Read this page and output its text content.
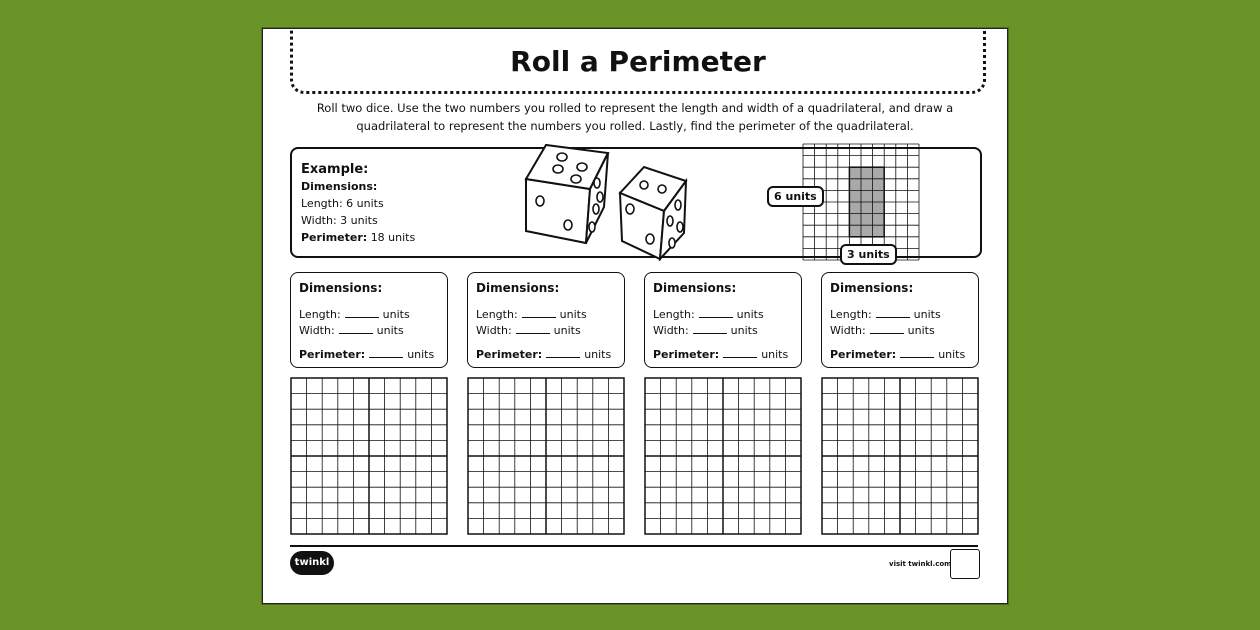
Roll a Perimeter
Roll two dice. Use the two numbers you rolled to represent the length and width of a quadrilateral, and draw a
quadrilateral to represent the numbers you rolled. Lastly, find the perimeter of the quadrilateral.
Example:
Dimensions:
Length: 6 units
Width: 3 units
Perimeter: 18 units
6 units
3 units
Dimensions:
Length:	units
Width:	units
Perimeter:	units
Dimensions:
Length:	units
Width:	units
Perimeter:	units
Dimensions:
Length:	units
Width:	units
Perimeter:	units
Dimensions:
Length:	units
Width:	units
Perimeter:	units
twinkl	visit twinkl.com
